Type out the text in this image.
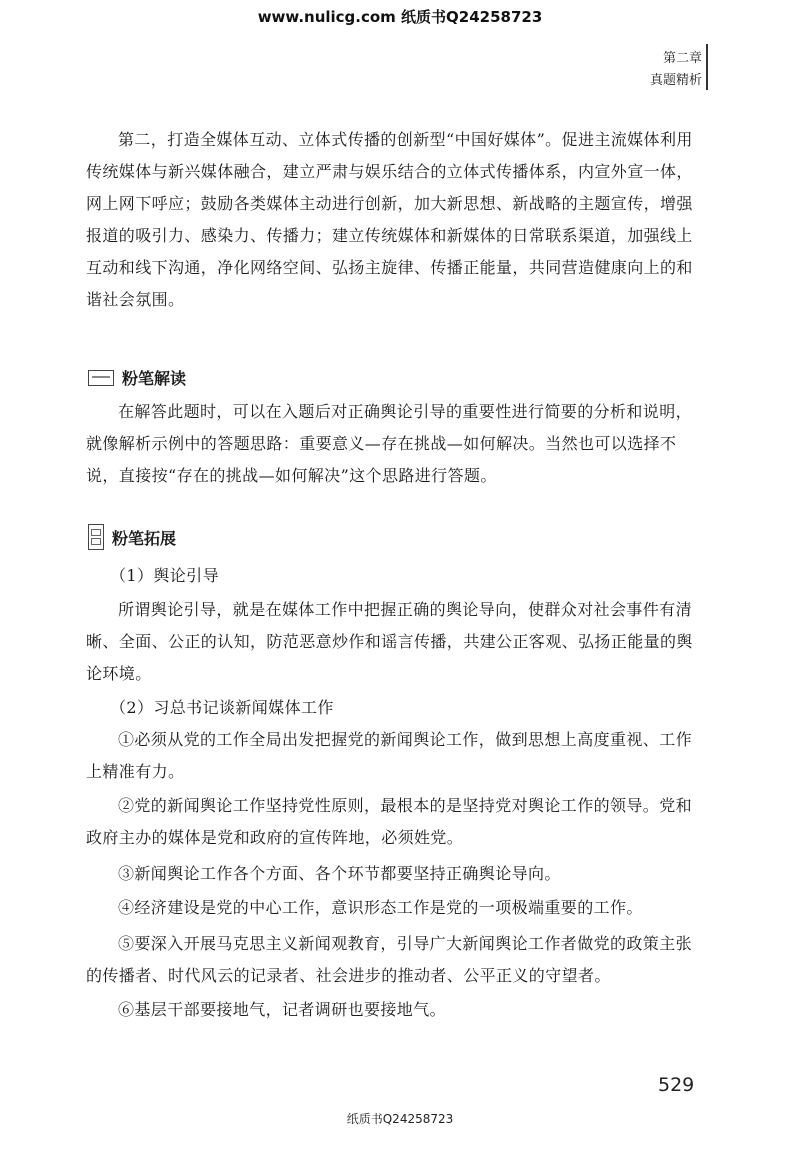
www.nulicg.com 纸质书Q24258723
第二章
真题精析

第二，打造全媒体互动、立体式传播的创新型“中国好媒体”。促进主流媒体利用传统媒体与新兴媒体融合，建立严肃与娱乐结合的立体式传播体系，内宣外宣一体，网上网下呼应；鼓励各类媒体主动进行创新，加大新思想、新战略的主题宣传，增强报道的吸引力、感染力、传播力；建立传统媒体和新媒体的日常联系渠道，加强线上互动和线下沟通，净化网络空间、弘扬主旋律、传播正能量，共同营造健康向上的和谐社会氛围。

粉笔解读

在解答此题时，可以在入题后对正确舆论引导的重要性进行简要的分析和说明，就像解析示例中的答题思路：重要意义—存在挑战—如何解决。当然也可以选择不说，直接按“存在的挑战—如何解决”这个思路进行答题。

粉笔拓展

（1）舆论引导

所谓舆论引导，就是在媒体工作中把握正确的舆论导向，使群众对社会事件有清晰、全面、公正的认知，防范恶意炒作和谣言传播，共建公正客观、弘扬正能量的舆论环境。

（2）习总书记谈新闻媒体工作

①必须从党的工作全局出发把握党的新闻舆论工作，做到思想上高度重视、工作上精准有力。

②党的新闻舆论工作坚持党性原则，最根本的是坚持党对舆论工作的领导。党和政府主办的媒体是党和政府的宣传阵地，必须姓党。

③新闻舆论工作各个方面、各个环节都要坚持正确舆论导向。

④经济建设是党的中心工作，意识形态工作是党的一项极端重要的工作。

⑤要深入开展马克思主义新闻观教育，引导广大新闻舆论工作者做党的政策主张的传播者、时代风云的记录者、社会进步的推动者、公平正义的守望者。

⑥基层干部要接地气，记者调研也要接地气。

529
纸质书Q24258723
